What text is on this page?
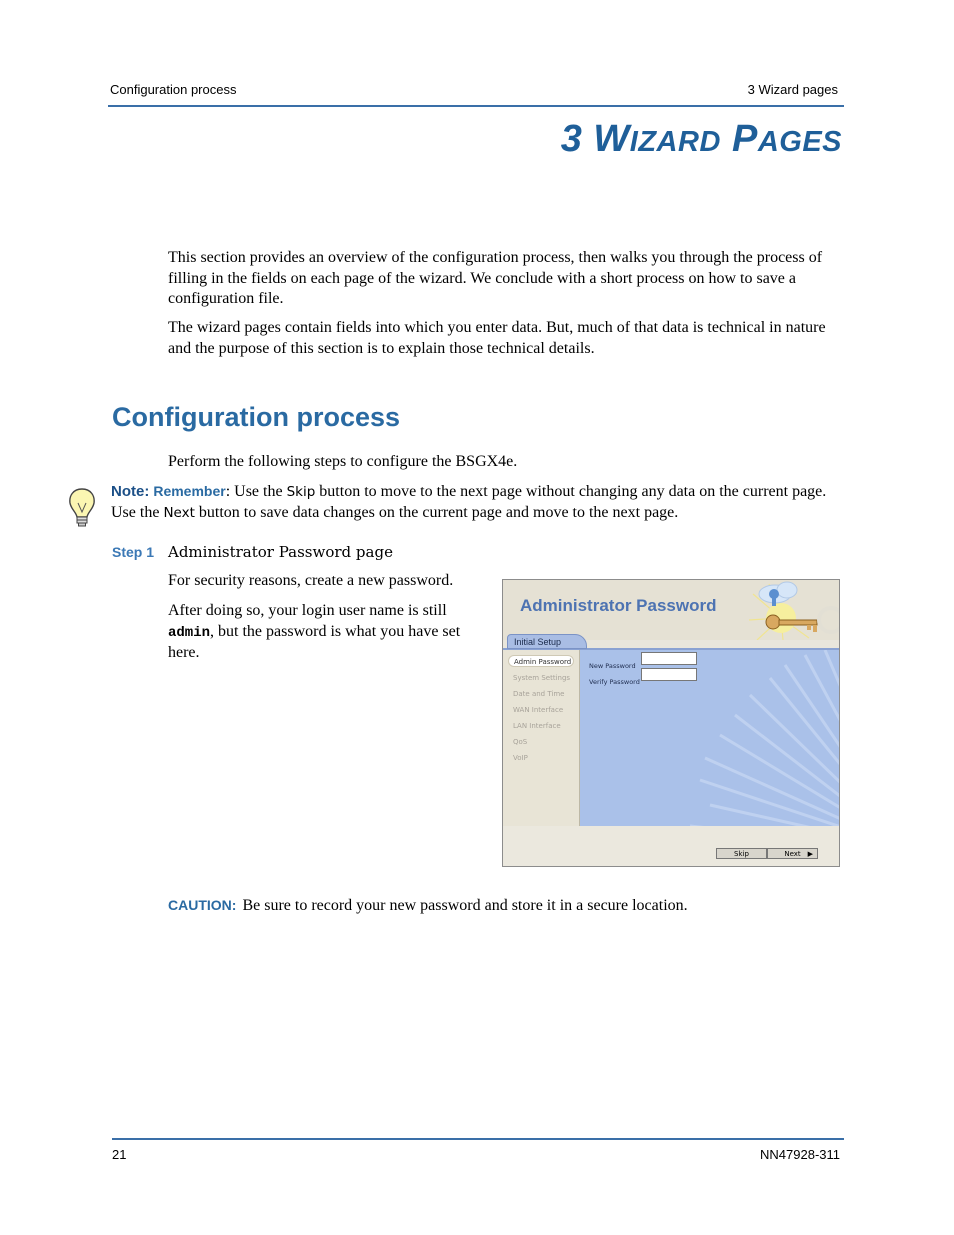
Configuration process	3 Wizard pages
3 WIZARD PAGES

This section provides an overview of the configuration process, then walks you through the process of filling in the fields on each page of the wizard. We conclude with a short process on how to save a configuration file.

The wizard pages contain fields into which you enter data. But, much of that data is technical in nature and the purpose of this section is to explain those technical details.

Configuration process

Perform the following steps to configure the BSGX4e.

Note: Remember: Use the Skip button to move to the next page without changing any data on the current page. Use the Next button to save data changes on the current page and move to the next page.
Step 1 Administrator Password page

For security reasons, create a new password.

After doing so, your login user name is still admin, but the password is what you have set here.

Administrator Password
Initial Setup
Admin Password
System Settings
Date and Time
WAN Interface
LAN Interface
QoS
VoIP
New Password
Verify Password
Skip	Next ▶
CAUTION: Be sure to record your new password and store it in a secure location.
21	NN47928-311
